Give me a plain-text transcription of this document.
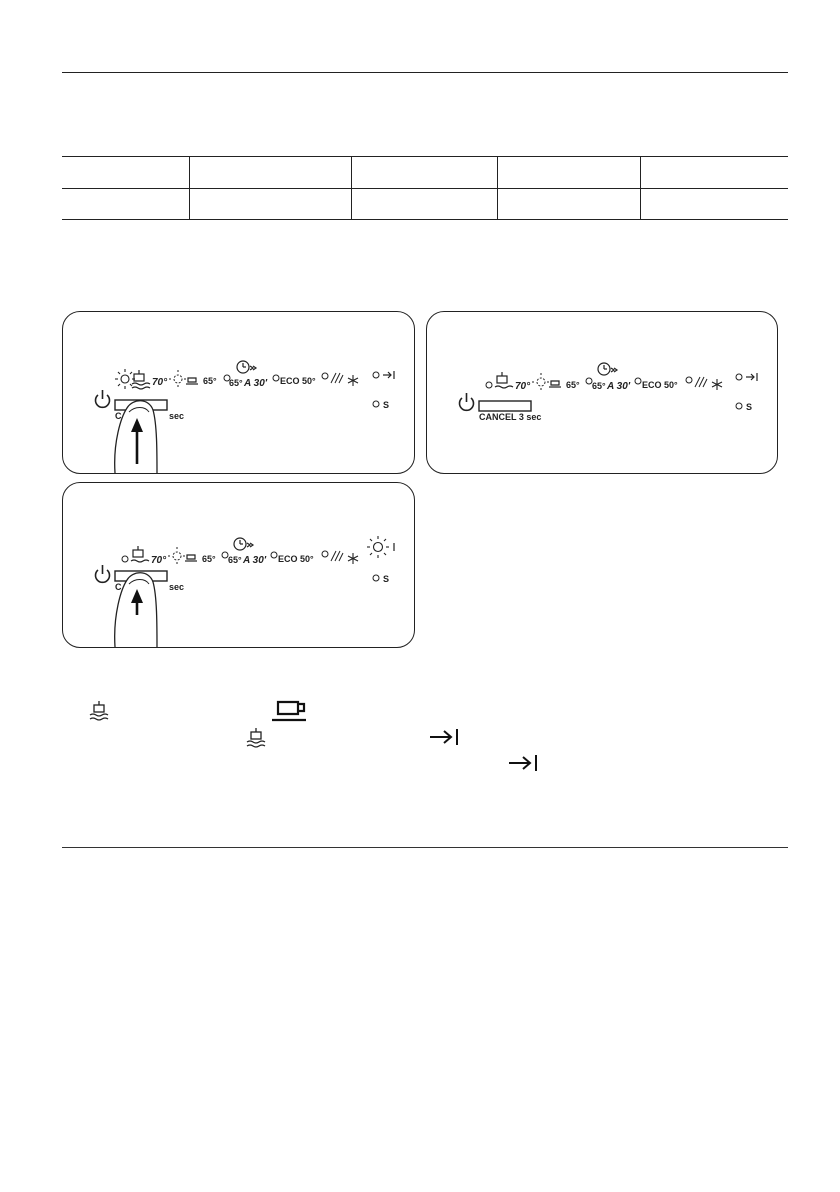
70°	65° 65° A 30' ECO 50°
S
C	sec
70°	65° 65° A 30' ECO 50°
S
CANCEL 3 sec
70°	65° 65° A 30' ECO 50°
S
C	sec
